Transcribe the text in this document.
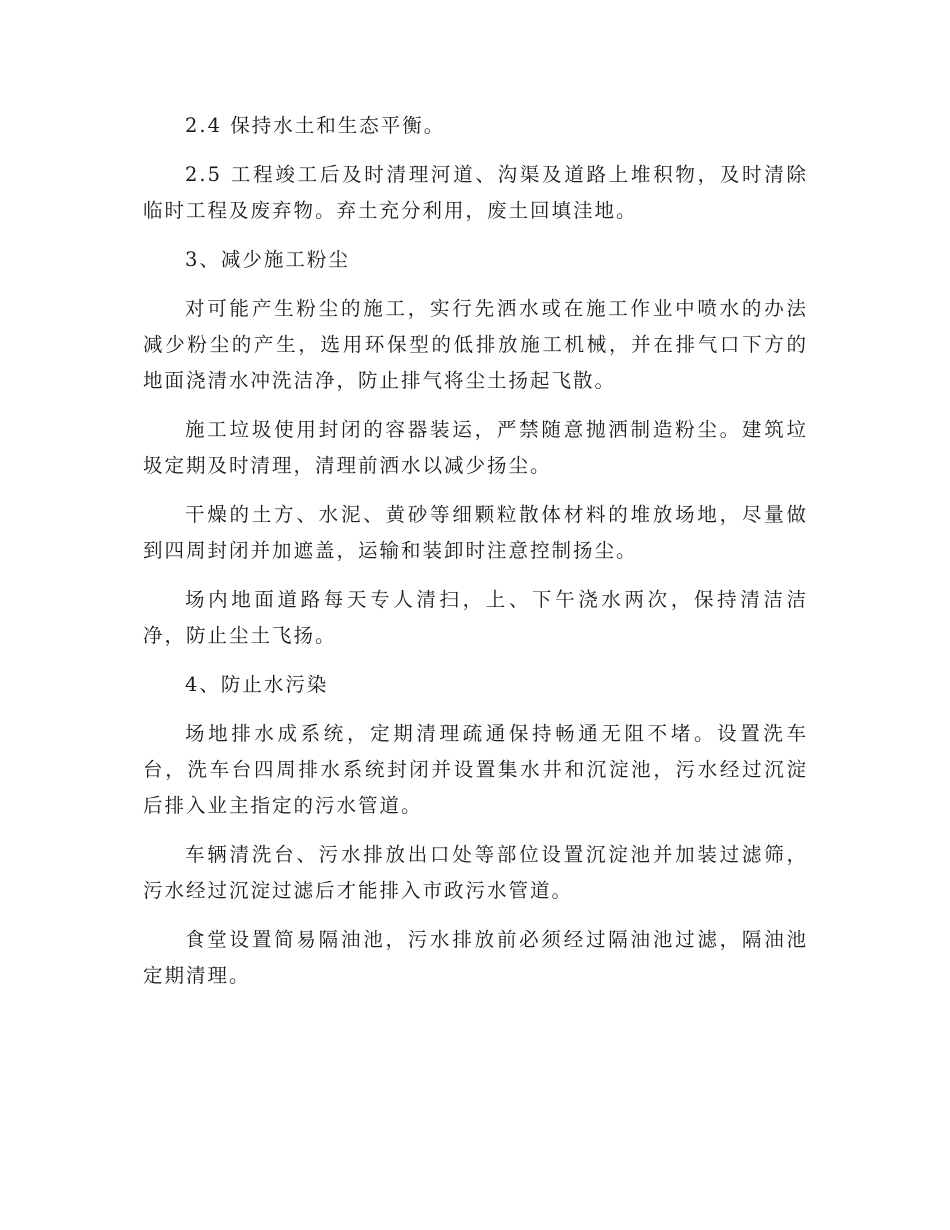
2.4 保持水土和生态平衡。

2.5 工程竣工后及时清理河道、沟渠及道路上堆积物，及时清除临时工程及废弃物。弃土充分利用，废土回填洼地。

3、减少施工粉尘

对可能产生粉尘的施工，实行先洒水或在施工作业中喷水的办法减少粉尘的产生，选用环保型的低排放施工机械，并在排气口下方的地面浇清水冲洗洁净，防止排气将尘土扬起飞散。

施工垃圾使用封闭的容器装运，严禁随意抛洒制造粉尘。建筑垃圾定期及时清理，清理前洒水以减少扬尘。

干燥的土方、水泥、黄砂等细颗粒散体材料的堆放场地，尽量做到四周封闭并加遮盖，运输和装卸时注意控制扬尘。

场内地面道路每天专人清扫，上、下午浇水两次，保持清洁洁净，防止尘土飞扬。

4、防止水污染

场地排水成系统，定期清理疏通保持畅通无阻不堵。设置洗车台，洗车台四周排水系统封闭并设置集水井和沉淀池，污水经过沉淀后排入业主指定的污水管道。

车辆清洗台、污水排放出口处等部位设置沉淀池并加装过滤筛，污水经过沉淀过滤后才能排入市政污水管道。

食堂设置简易隔油池，污水排放前必须经过隔油池过滤，隔油池定期清理。
